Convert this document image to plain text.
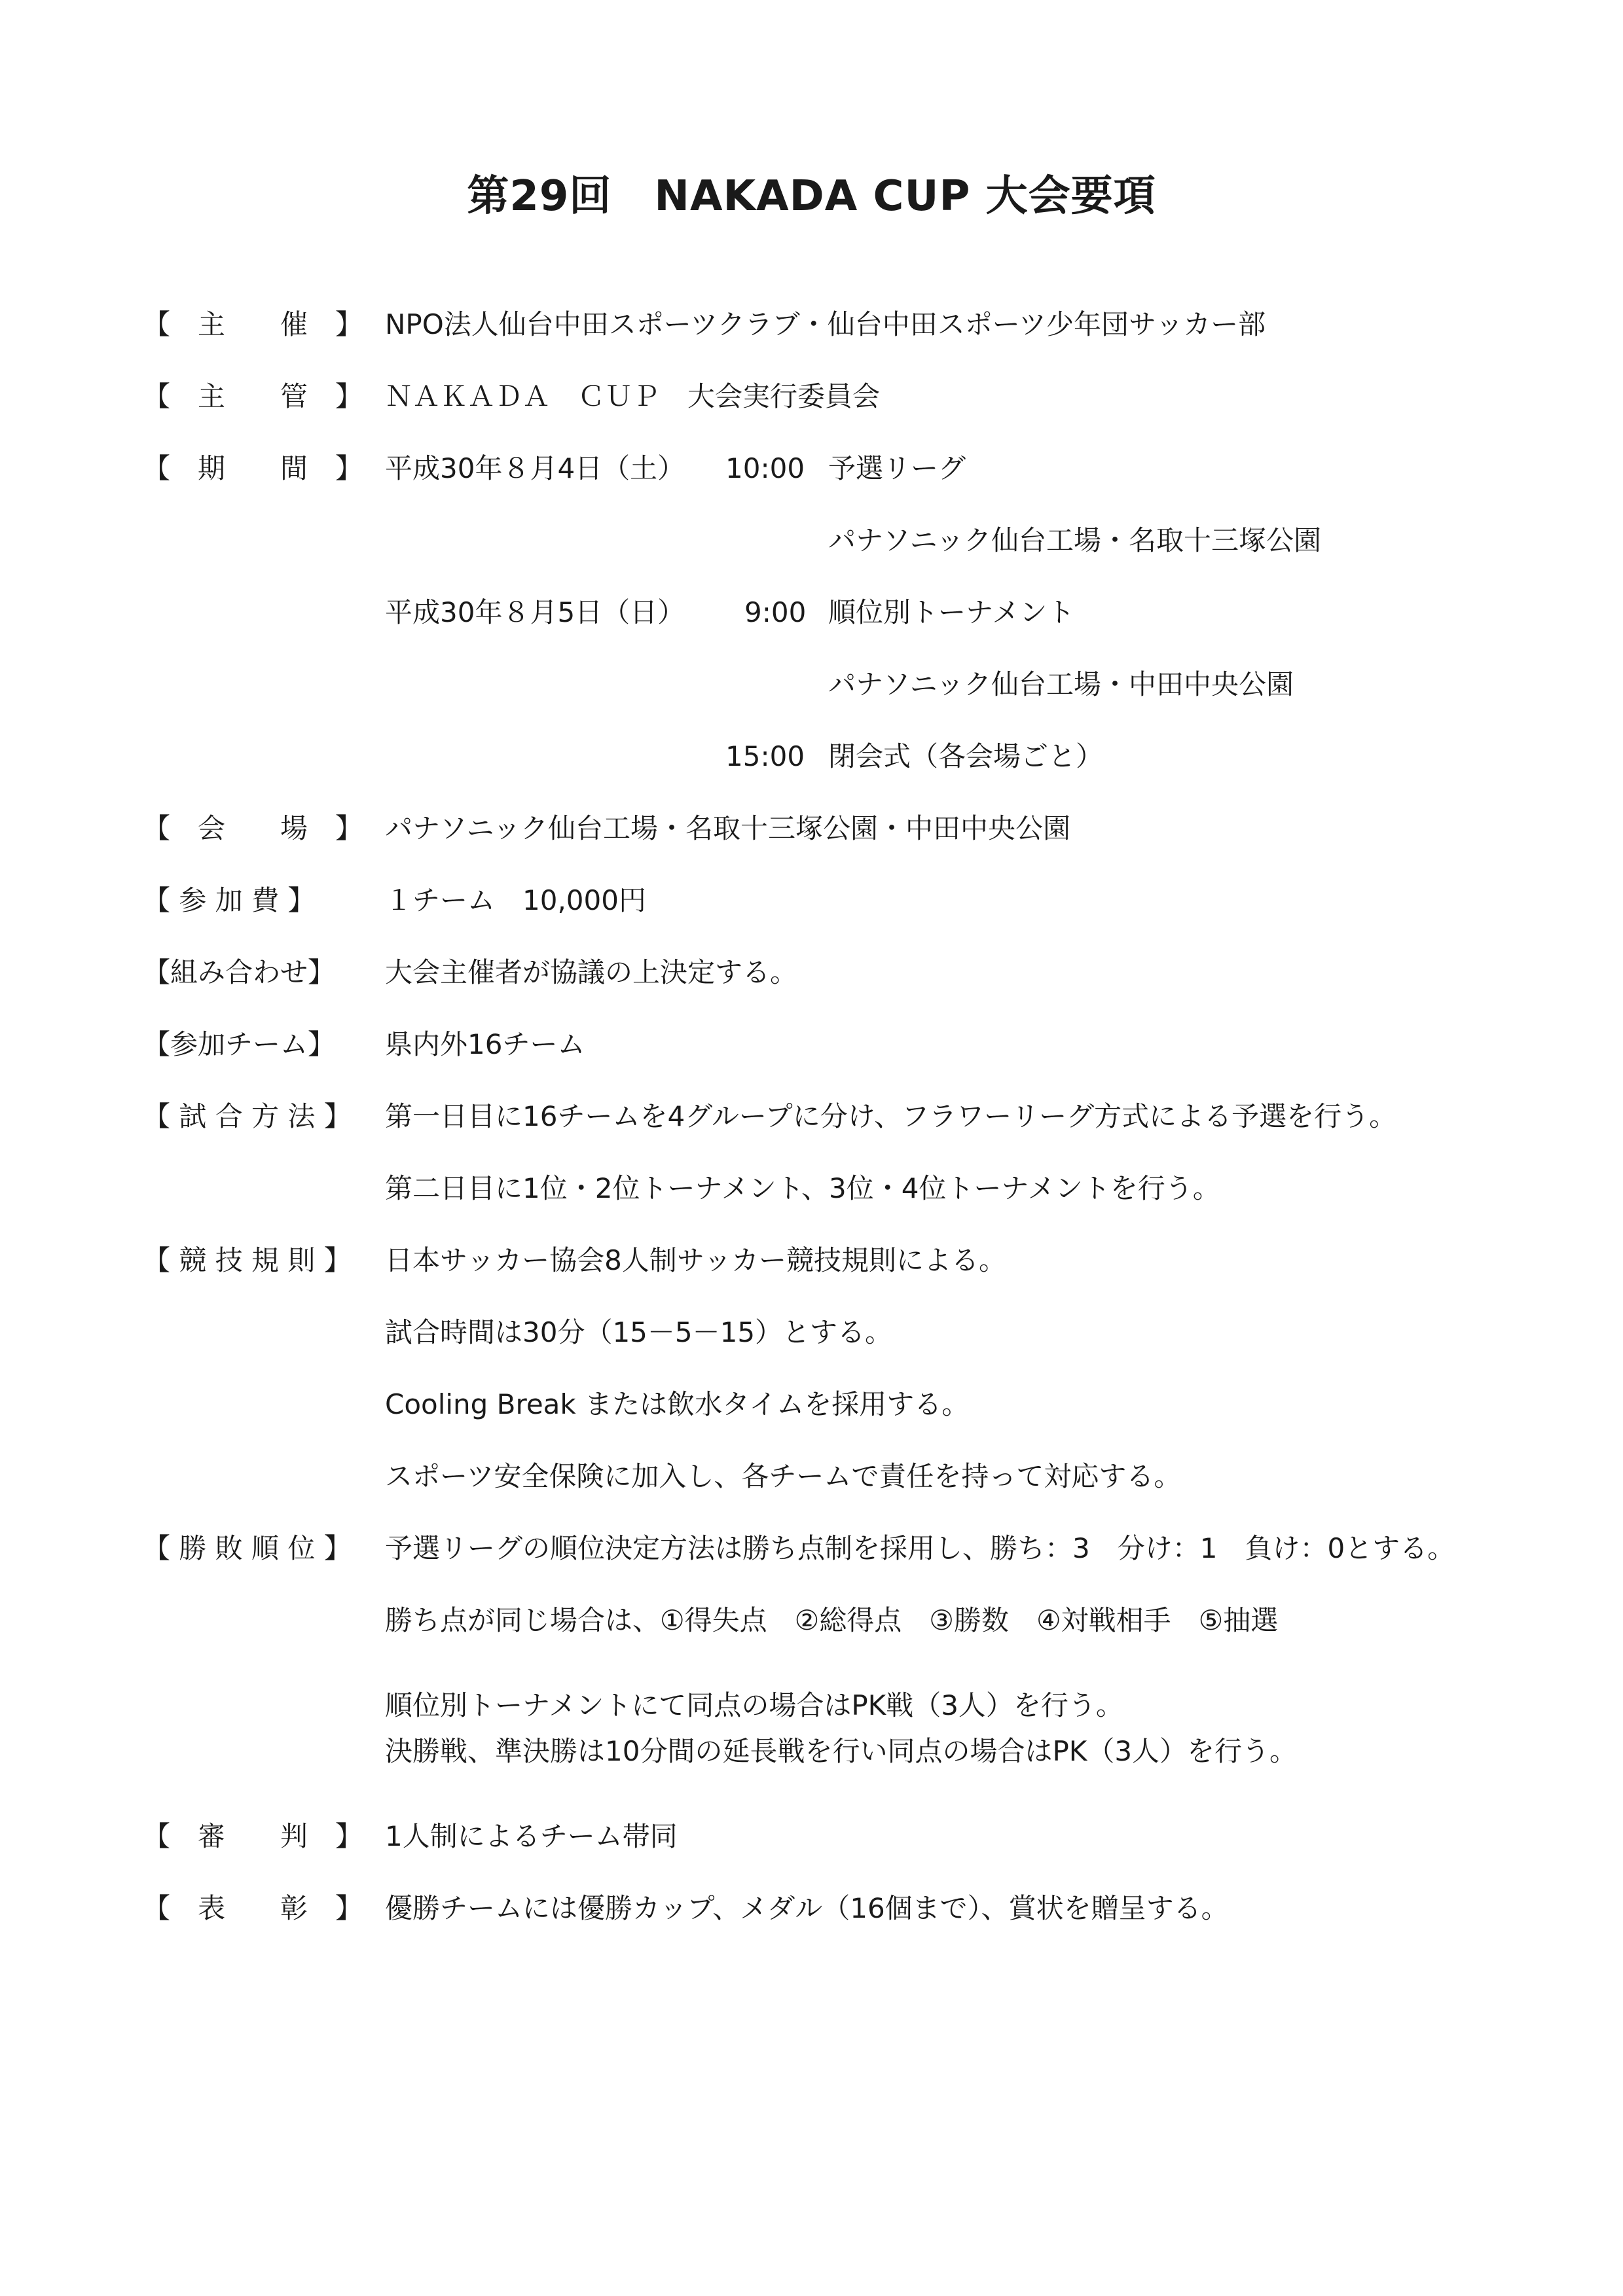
第29回　NAKADA CUP 大会要項
【　主　　催　】 NPO法人仙台中田スポーツクラブ・仙台中田スポーツ少年団サッカー部
【　主　　管　】 ＮＡＫＡＤＡ　ＣＵＰ　大会実行委員会
【　期　　間　】 平成30年８月4日（土） 10:00 予選リーグ
パナソニック仙台工場・名取十三塚公園
平成30年８月5日（日） 9:00 順位別トーナメント
パナソニック仙台工場・中田中央公園
15:00 閉会式（各会場ごと）
【　会　　場　】 パナソニック仙台工場・名取十三塚公園・中田中央公園
【 参 加 費 】	１チーム　10,000円
【組み合わせ】 大会主催者が協議の上決定する。
【参加チーム】 県内外16チーム
【 試 合 方 法 】 第一日目に16チームを4グループに分け、フラワーリーグ方式による予選を行う。
第二日目に1位・2位トーナメント、3位・4位トーナメントを行う。
【 競 技 規 則 】 日本サッカー協会8人制サッカー競技規則による。
試合時間は30分（15－5－15）とする。
Cooling Break または飲水タイムを採用する。
スポーツ安全保険に加入し、各チームで責任を持って対応する。
【 勝 敗 順 位 】 予選リーグの順位決定方法は勝ち点制を採用し、勝ち：3　分け：1　負け：0とする。
勝ち点が同じ場合は、①得失点　②総得点　③勝数　④対戦相手　⑤抽選
順位別トーナメントにて同点の場合はPK戦（3人）を行う。
決勝戦、準決勝は10分間の延長戦を行い同点の場合はPK（3人）を行う。
【　審　　判　】 1人制によるチーム帯同
【　表　　彰　】 優勝チームには優勝カップ、メダル（16個まで）、賞状を贈呈する。
